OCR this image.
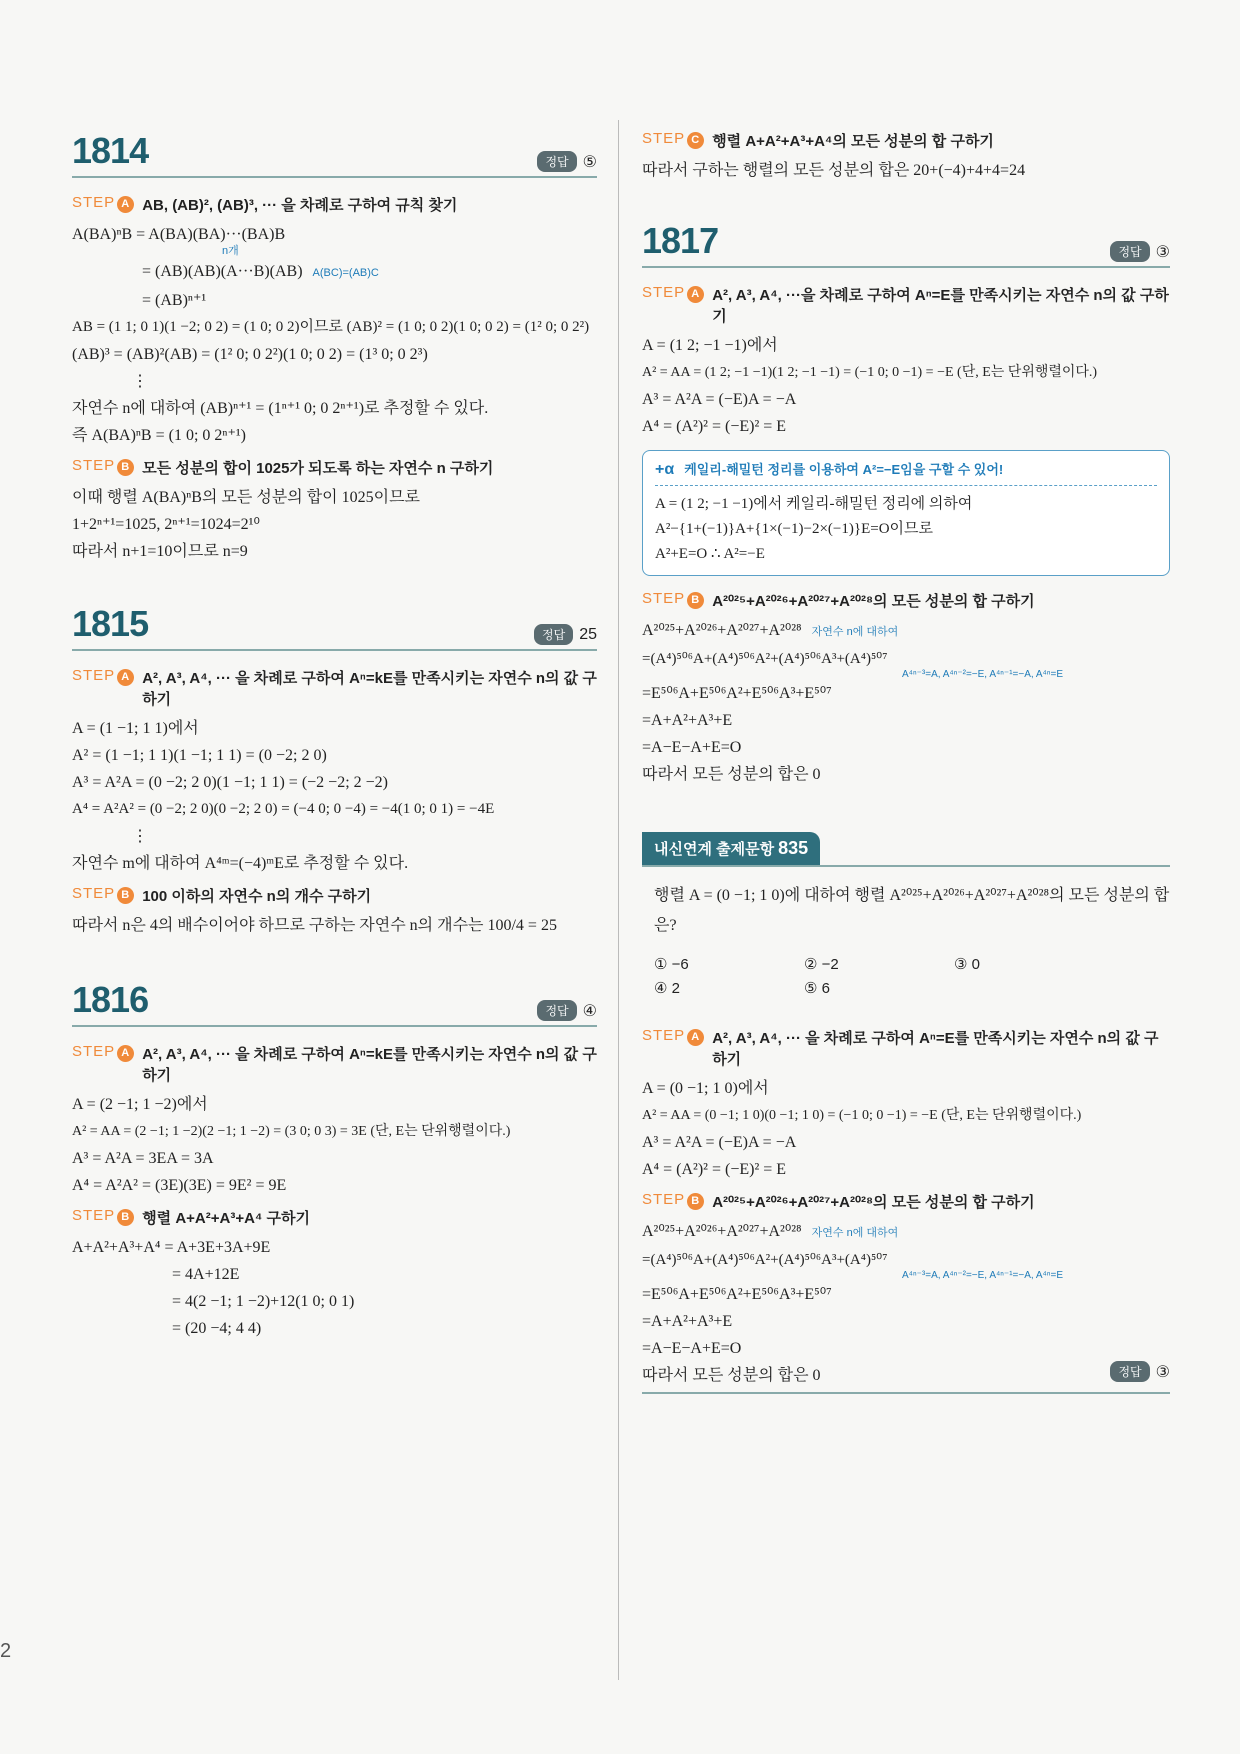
1814	정답 ⑤
STEP A AB, (AB)², (AB)³, ··· 을 차례로 구하여 규칙 찾기
A(BA)ⁿB = A(BA)(BA)···(BA)B
n개
= (AB)(AB)(A···B)(AB) A(BC)=(AB)C
= (AB)ⁿ⁺¹
AB = (1 1; 0 1)(1 −2; 0 2) = (1 0; 0 2)이므로 (AB)² = (1 0; 0 2)(1 0; 0 2) = (1² 0; 0 2²)
(AB)³ = (AB)²(AB) = (1² 0; 0 2²)(1 0; 0 2) = (1³ 0; 0 2³)
⋮
자연수 n에 대하여 (AB)ⁿ⁺¹ = (1ⁿ⁺¹ 0; 0 2ⁿ⁺¹)로 추정할 수 있다.
즉 A(BA)ⁿB = (1 0; 0 2ⁿ⁺¹)
STEP B 모든 성분의 합이 1025가 되도록 하는 자연수 n 구하기
이때 행렬 A(BA)ⁿB의 모든 성분의 합이 1025이므로
1+2ⁿ⁺¹=1025, 2ⁿ⁺¹=1024=2¹⁰
따라서 n+1=10이므로 n=9
1815	정답 25
STEP A A², A³, A⁴, ··· 을 차례로 구하여 Aⁿ=kE를 만족시키는 자연수 n의 값 구하기
A = (1 −1; 1 1)에서
A² = (1 −1; 1 1)(1 −1; 1 1) = (0 −2; 2 0)
A³ = A²A = (0 −2; 2 0)(1 −1; 1 1) = (−2 −2; 2 −2)
A⁴ = A²A² = (0 −2; 2 0)(0 −2; 2 0) = (−4 0; 0 −4) = −4(1 0; 0 1) = −4E
⋮
자연수 m에 대하여 A⁴ᵐ=(−4)ᵐE로 추정할 수 있다.
STEP B 100 이하의 자연수 n의 개수 구하기
따라서 n은 4의 배수이어야 하므로 구하는 자연수 n의 개수는 100/4 = 25
1816	정답 ④
STEP A A², A³, A⁴, ··· 을 차례로 구하여 Aⁿ=kE를 만족시키는 자연수 n의 값 구하기
A = (2 −1; 1 −2)에서
A² = AA = (2 −1; 1 −2)(2 −1; 1 −2) = (3 0; 0 3) = 3E (단, E는 단위행렬이다.)
A³ = A²A = 3EA = 3A
A⁴ = A²A² = (3E)(3E) = 9E² = 9E
STEP B 행렬 A+A²+A³+A⁴ 구하기
A+A²+A³+A⁴ = A+3E+3A+9E
= 4A+12E
= 4(2 −1; 1 −2)+12(1 0; 0 1)
= (20 −4; 4 4)
STEP C 행렬 A+A²+A³+A⁴의 모든 성분의 합 구하기
따라서 구하는 행렬의 모든 성분의 합은 20+(−4)+4+4=24
1817	정답 ③
STEP A A², A³, A⁴, ···을 차례로 구하여 Aⁿ=E를 만족시키는 자연수 n의 값 구하기
A = (1 2; −1 −1)에서
A² = AA = (1 2; −1 −1)(1 2; −1 −1) = (−1 0; 0 −1) = −E (단, E는 단위행렬이다.)
A³ = A²A = (−E)A = −A
A⁴ = (A²)² = (−E)² = E
+α 케일리-해밀턴 정리를 이용하여 A²=−E임을 구할 수 있어!
A = (1 2; −1 −1)에서 케일리-해밀턴 정리에 의하여
A²−{1+(−1)}A+{1×(−1)−2×(−1)}E=O이므로
A²+E=O ∴ A²=−E
STEP B A²⁰²⁵+A²⁰²⁶+A²⁰²⁷+A²⁰²⁸의 모든 성분의 합 구하기
A²⁰²⁵+A²⁰²⁶+A²⁰²⁷+A²⁰²⁸ 자연수 n에 대하여
=(A⁴)⁵⁰⁶A+(A⁴)⁵⁰⁶A²+(A⁴)⁵⁰⁶A³+(A⁴)⁵⁰⁷
A⁴ⁿ⁻³=A, A⁴ⁿ⁻²=−E, A⁴ⁿ⁻¹=−A, A⁴ⁿ=E
=E⁵⁰⁶A+E⁵⁰⁶A²+E⁵⁰⁶A³+E⁵⁰⁷
=A+A²+A³+E
=A−E−A+E=O
따라서 모든 성분의 합은 0
내신연계 출제문항 835
행렬 A = (0 −1; 1 0)에 대하여 행렬 A²⁰²⁵+A²⁰²⁶+A²⁰²⁷+A²⁰²⁸의 모든 성분의 합은?
① −6	② −2	③ 0
④ 2	⑤ 6
STEP A A², A³, A⁴, ··· 을 차례로 구하여 Aⁿ=E를 만족시키는 자연수 n의 값 구하기
A = (0 −1; 1 0)에서
A² = AA = (0 −1; 1 0)(0 −1; 1 0) = (−1 0; 0 −1) = −E (단, E는 단위행렬이다.)
A³ = A²A = (−E)A = −A
A⁴ = (A²)² = (−E)² = E
STEP B A²⁰²⁵+A²⁰²⁶+A²⁰²⁷+A²⁰²⁸의 모든 성분의 합 구하기
A²⁰²⁵+A²⁰²⁶+A²⁰²⁷+A²⁰²⁸ 자연수 n에 대하여
=(A⁴)⁵⁰⁶A+(A⁴)⁵⁰⁶A²+(A⁴)⁵⁰⁶A³+(A⁴)⁵⁰⁷
A⁴ⁿ⁻³=A, A⁴ⁿ⁻²=−E, A⁴ⁿ⁻¹=−A, A⁴ⁿ=E
=E⁵⁰⁶A+E⁵⁰⁶A²+E⁵⁰⁶A³+E⁵⁰⁷
=A+A²+A³+E
=A−E−A+E=O
따라서 모든 성분의 합은 0	정답 ③
2
